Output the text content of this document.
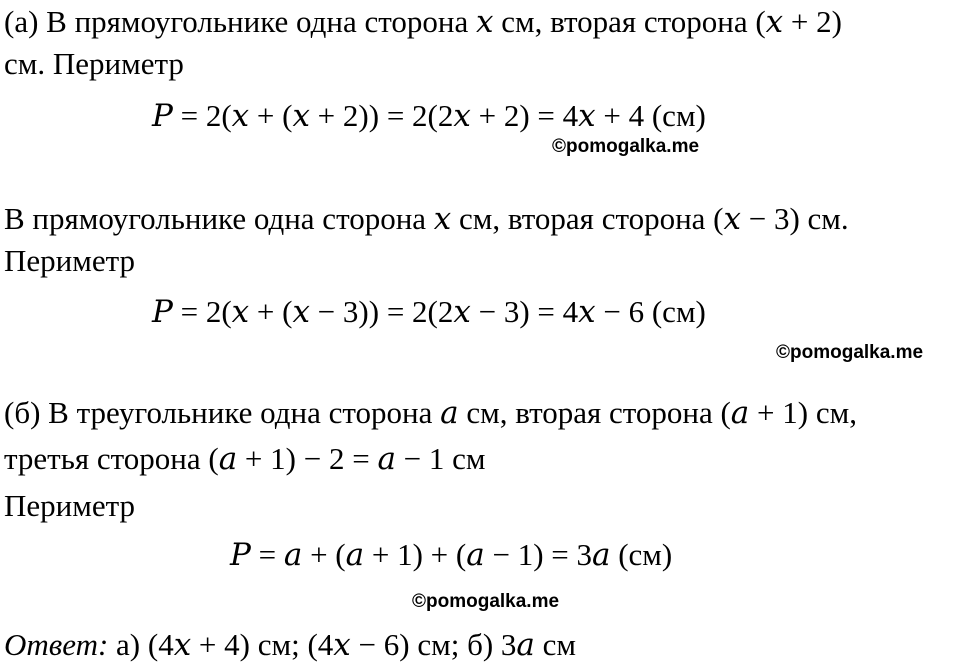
(а) В прямоугольнике одна сторона 𝑥 см, вторая сторона (𝑥 + 2)
см. Периметр
𝑃 = 2(𝑥 + (𝑥 + 2)) = 2(2𝑥 + 2) = 4𝑥 + 4 (см)
©pomogalka.me
В прямоугольнике одна сторона 𝑥 см, вторая сторона (𝑥 − 3) см.
Периметр
𝑃 = 2(𝑥 + (𝑥 − 3)) = 2(2𝑥 − 3) = 4𝑥 − 6 (см)
©pomogalka.me
(б) В треугольнике одна сторона 𝑎 см, вторая сторона (𝑎 + 1) см,
третья сторона (𝑎 + 1) − 2 = 𝑎 − 1 см
Периметр
𝑃 = 𝑎 + (𝑎 + 1) + (𝑎 − 1) = 3𝑎 (см)
©pomogalka.me
Ответ: а) (4𝑥 + 4) см; (4𝑥 − 6) см; б) 3𝑎 см
